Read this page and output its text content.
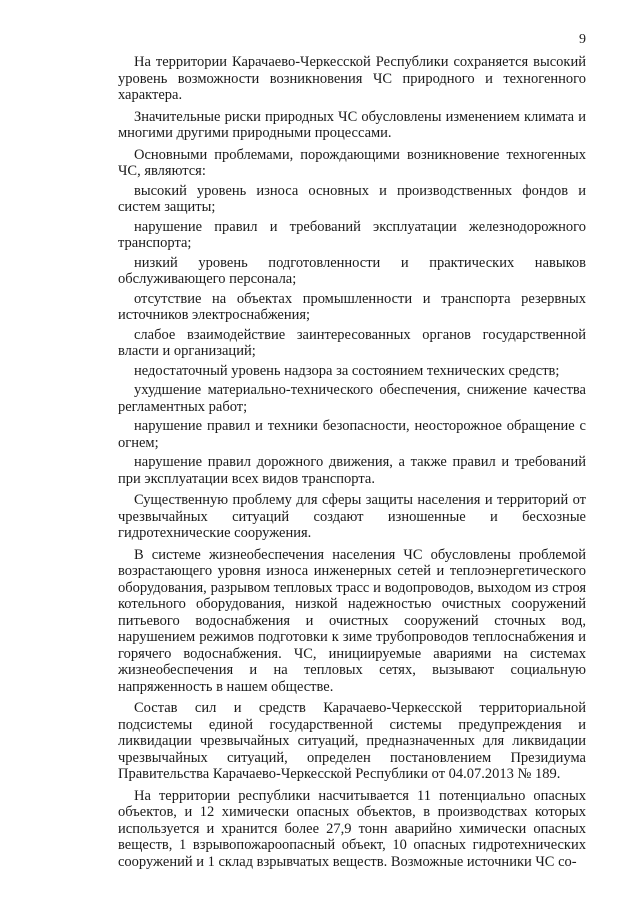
9

На территории Карачаево-Черкесской Республики сохраняется высокий уровень возможности возникновения ЧС природного и техногенного характера.

Значительные риски природных ЧС обусловлены изменением климата и многими другими природными процессами.

Основными проблемами, порождающими возникновение техногенных ЧС, являются:

высокий уровень износа основных и производственных фондов и систем защиты;

нарушение правил и требований эксплуатации железнодорожного транспорта;

низкий уровень подготовленности и практических навыков обслуживающего персонала;

отсутствие на объектах промышленности и транспорта резервных источников электроснабжения;

слабое взаимодействие заинтересованных органов государственной власти и организаций;

недостаточный уровень надзора за состоянием технических средств;

ухудшение материально-технического обеспечения, снижение качества регламентных работ;

нарушение правил и техники безопасности, неосторожное обращение с огнем;

нарушение правил дорожного движения, а также правил и требований при эксплуатации всех видов транспорта.

Существенную проблему для сферы защиты населения и территорий от чрезвычайных ситуаций создают изношенные и бесхозные гидротехнические сооружения.

В системе жизнеобеспечения населения ЧС обусловлены проблемой возрастающего уровня износа инженерных сетей и теплоэнергетического оборудования, разрывом тепловых трасс и водопроводов, выходом из строя котельного оборудования, низкой надежностью очистных сооружений питьевого водоснабжения и очистных сооружений сточных вод, нарушением режимов подготовки к зиме трубопроводов теплоснабжения и горячего водоснабжения. ЧС, инициируемые авариями на системах жизнеобеспечения и на тепловых сетях, вызывают социальную напряженность в нашем обществе.

Состав сил и средств Карачаево-Черкесской территориальной подсистемы единой государственной системы предупреждения и ликвидации чрезвычайных ситуаций, предназначенных для ликвидации чрезвычайных ситуаций, определен постановлением Президиума Правительства Карачаево-Черкесской Республики от 04.07.2013 № 189.

На территории республики насчитывается 11 потенциально опасных объектов, и 12 химически опасных объектов, в производствах которых используется и хранится более 27,9 тонн аварийно химически опасных веществ, 1 взрывопожароопасный объект, 10 опасных гидротехнических сооружений и 1 склад взрывчатых веществ. Возможные источники ЧС со-
